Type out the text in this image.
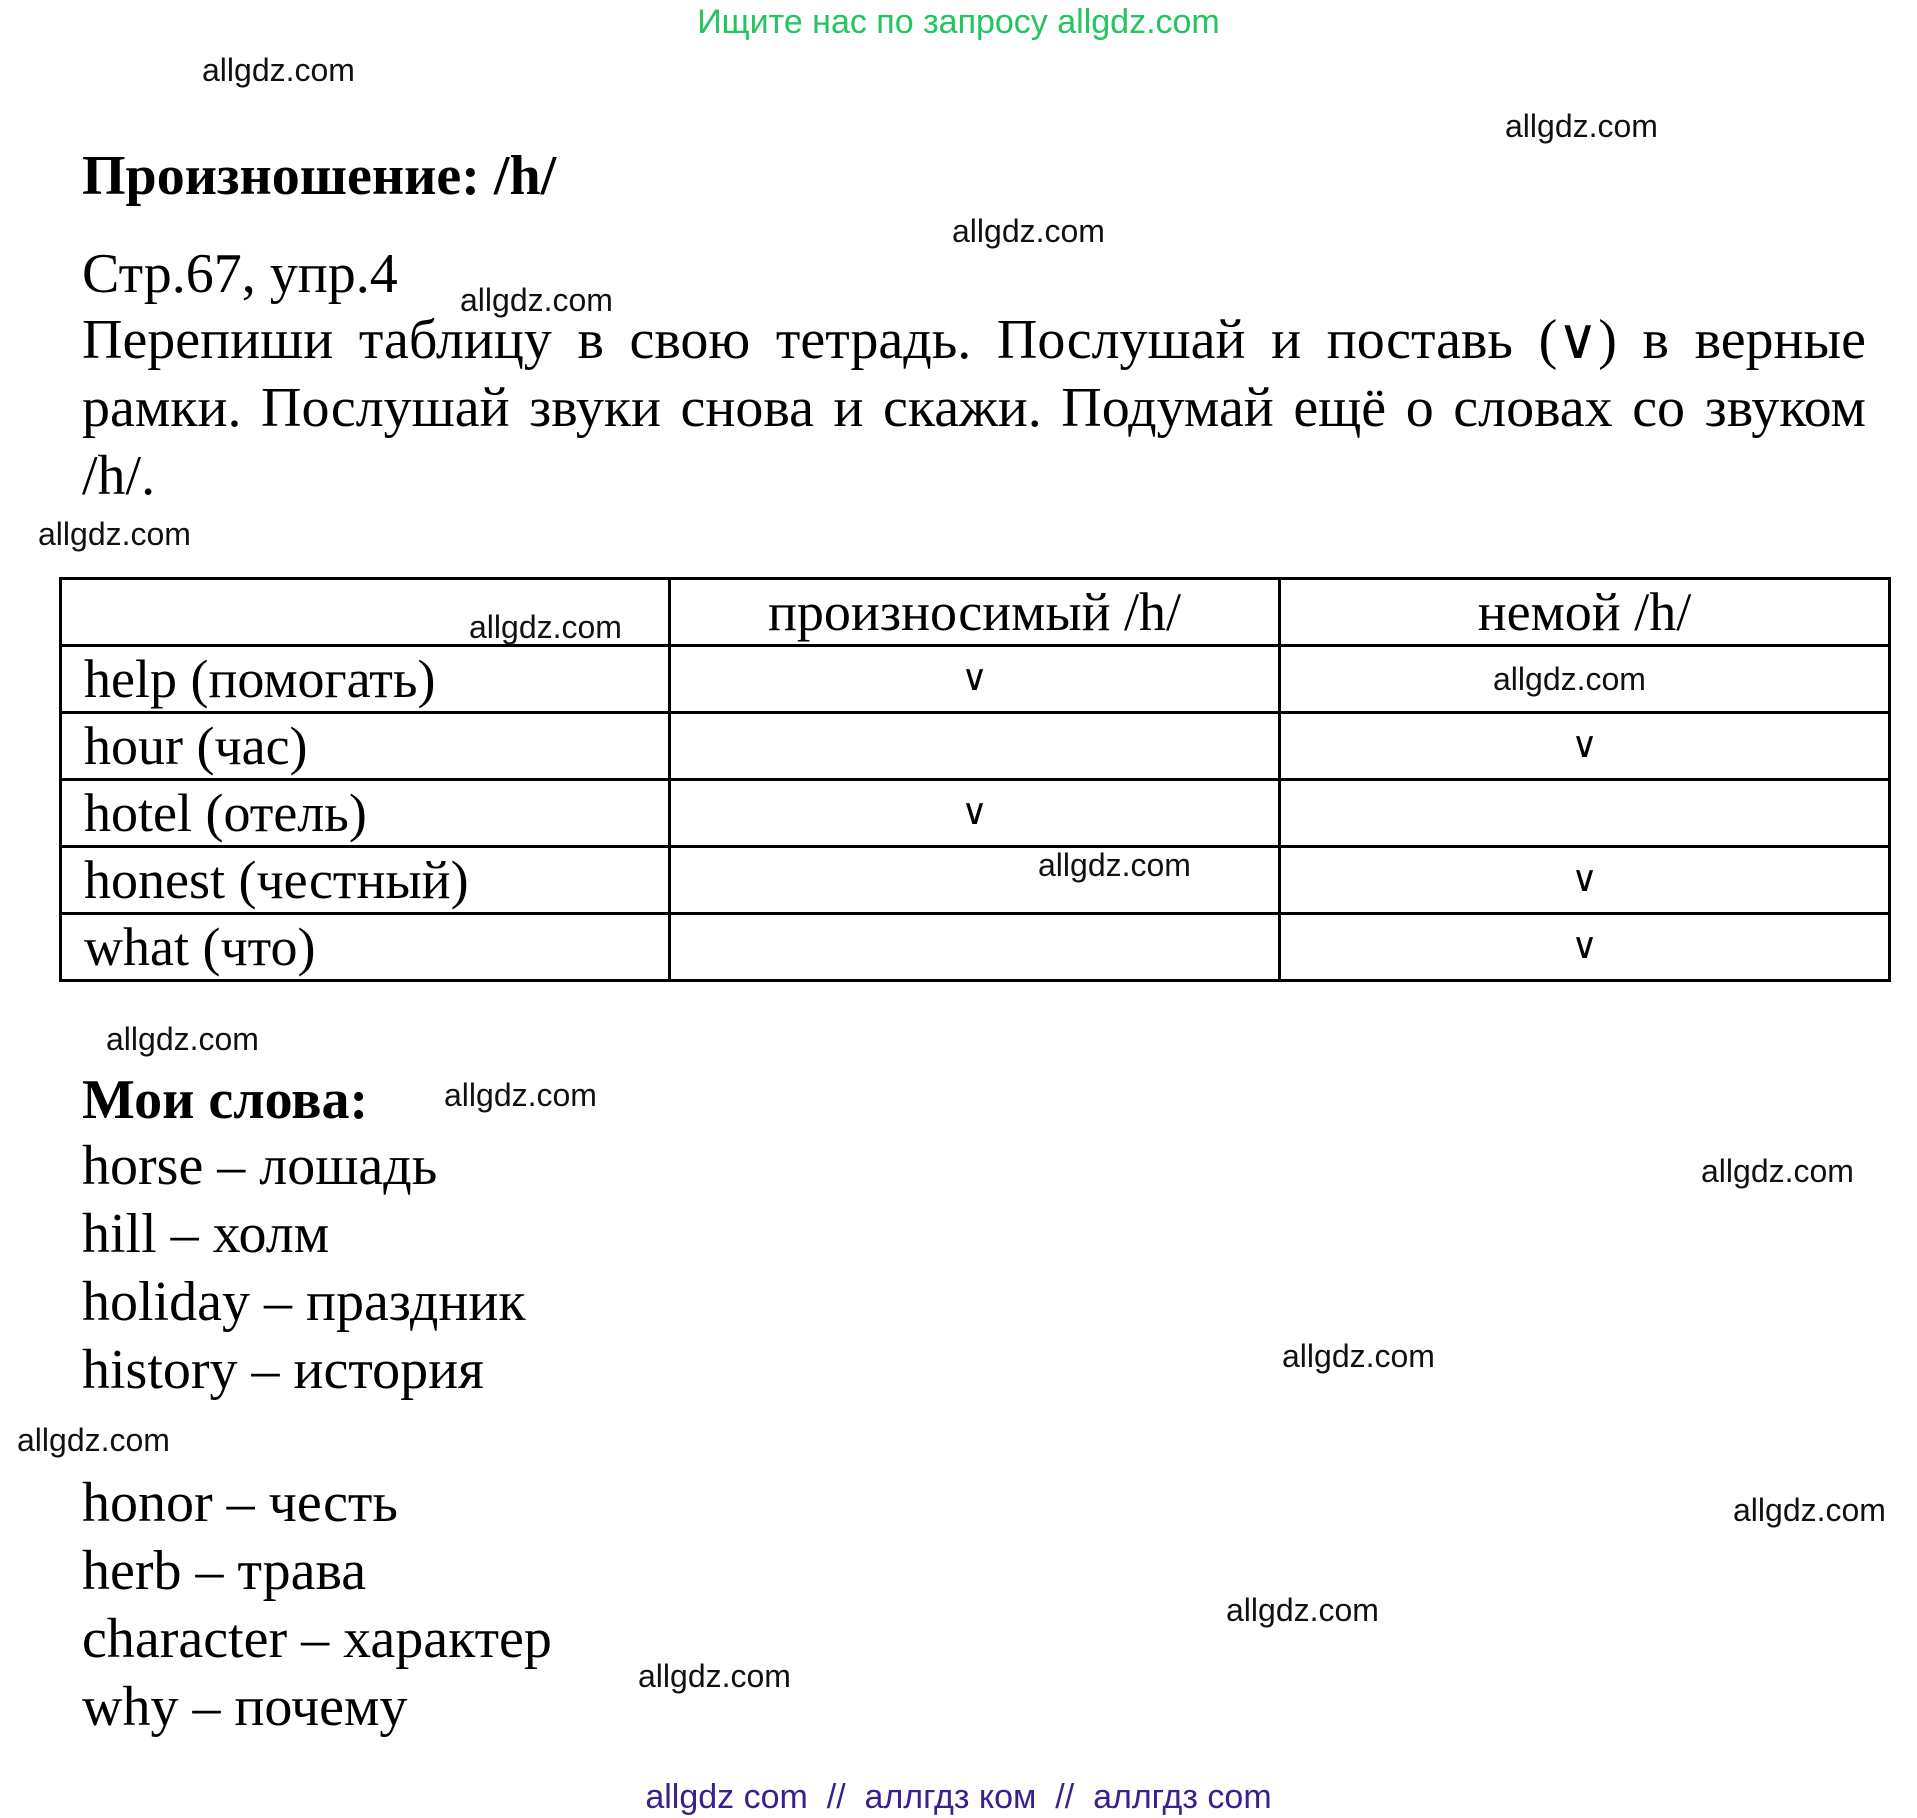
Ищите нас по запросу allgdz.com
allgdz.com
allgdz.com
allgdz.com
allgdz.com
allgdz.com
Произношение: /h/
Стр.67, упр.4

Перепиши таблицу в свою тетрадь. Послушай и поставь (∨) в верные рамки. Послушай звуки снова и скажи. Подумай ещё о словах со звуком /h/.

	произносимый /h/	немой /h/
help (помогать)	∨	
hour (час)		∨
hotel (отель)	∨	
honest (честный)		∨
what (что)		∨
allgdz.com
allgdz.com
allgdz.com
allgdz.com
Мои слова: allgdz.com
horse – лошадь
hill – холм
holiday – праздник
history – история
allgdz.com
allgdz.com
allgdz.com
honor – честь
herb – трава
character – характер
why – почему
allgdz.com
allgdz.com
allgdz.com
allgdz com  //  аллгдз ком  //  аллгдз com
